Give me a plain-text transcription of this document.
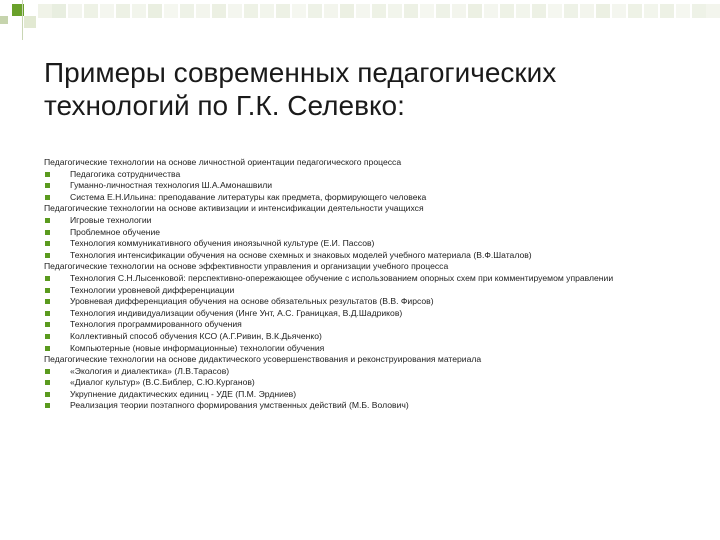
Примеры современных педагогических технологий по Г.К. Селевко:
Педагогические технологии на основе личностной ориентации педагогического процесса
Педагогика сотрудничества
Гуманно-личностная технология Ш.А.Амонашвили
Система Е.Н.Ильина: преподавание литературы как предмета, формирующего человека
Педагогические технологии на основе активизации и интенсификации деятельности учащихся
Игровые технологии
Проблемное обучение
Технология коммуникативного обучения иноязычной культуре (Е.И. Пассов)
Технология интенсификации обучения на основе схемных и знаковых моделей учебного материала (В.Ф.Шаталов)
Педагогические технологии на основе эффективности управления и организации учебного процесса
Технология С.Н.Лысенковой: перспективно-опережающее обучение с использованием опорных схем при комментируемом управлении
Технологии уровневой дифференциации
Уровневая дифференциация обучения на основе обязательных результатов (В.В. Фирсов)
Технология индивидуализации обучения (Инге Унт, А.С. Границкая, В.Д.Шадриков)
Технология программированного обучения
Коллективный способ обучения КСО (А.Г.Ривин, В.К.Дьяченко)
Компьютерные (новые информационные) технологии обучения
Педагогические технологии на основе дидактического усовершенствования и реконструирования материала
«Экология и диалектика» (Л.В.Тарасов)
«Диалог культур» (В.С.Библер, С.Ю.Курганов)
Укрупнение дидактических единиц - УДЕ (П.М. Эрдниев)
Реализация теории поэтапного формирования умственных действий (М.Б. Волович)
